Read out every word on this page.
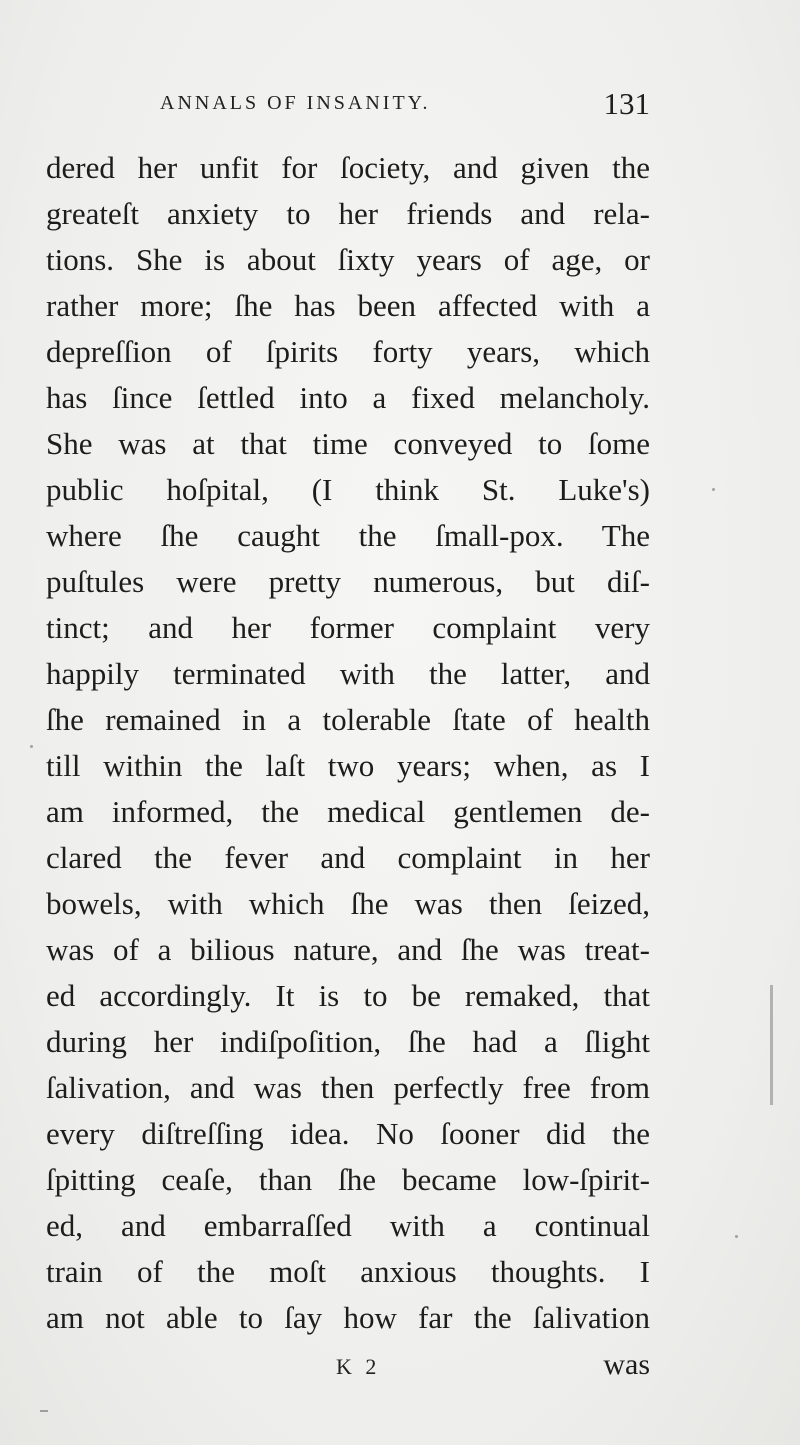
ANNALS OF INSANITY.	131
dered her unfit for ſociety, and given the
greateſt anxiety to her friends and rela-
tions. She is about ſixty years of age, or
rather more; ſhe has been affected with a
depreſſion of ſpirits forty years, which
has ſince ſettled into a fixed melancholy.
She was at that time conveyed to ſome
public hoſpital, (I think St. Luke's)
where ſhe caught the ſmall-pox. The
puſtules were pretty numerous, but diſ-
tinct; and her former complaint very
happily terminated with the latter, and
ſhe remained in a tolerable ſtate of health
till within the laſt two years; when, as I
am informed, the medical gentlemen de-
clared the fever and complaint in her
bowels, with which ſhe was then ſeized,
was of a bilious nature, and ſhe was treat-
ed accordingly. It is to be remaked, that
during her indiſpoſition, ſhe had a ſlight
ſalivation, and was then perfectly free from
every diſtreſſing idea. No ſooner did the
ſpitting ceaſe, than ſhe became low-ſpirit-
ed, and embarraſſed with a continual
train of the moſt anxious thoughts. I
am not able to ſay how far the ſalivation
K 2	was
